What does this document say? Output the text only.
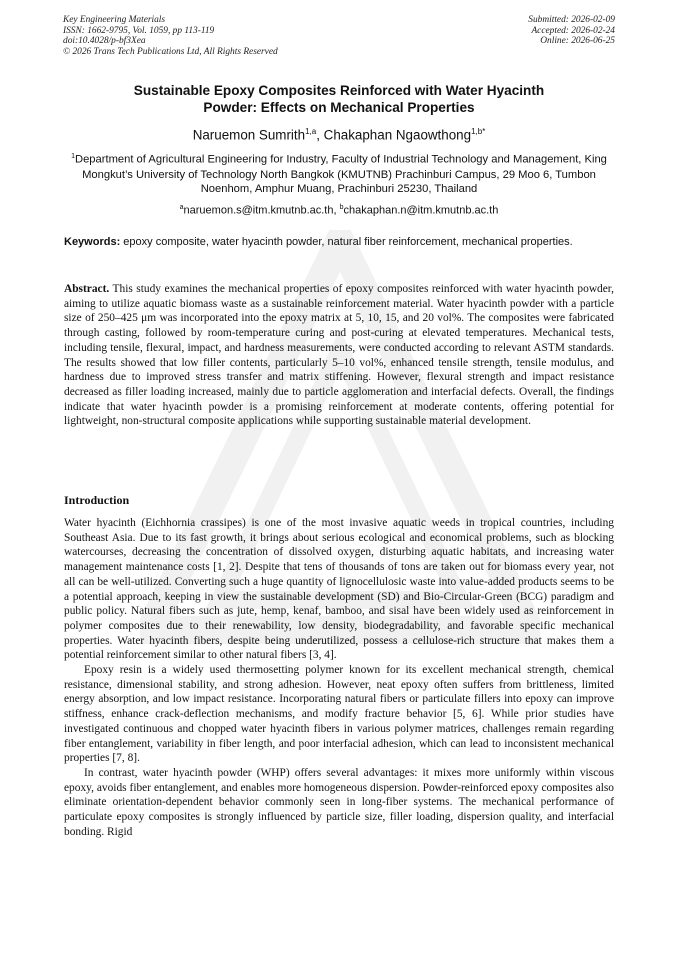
Key Engineering Materials
ISSN: 1662-9795, Vol. 1059, pp 113-119
doi:10.4028/p-bf3Xea
© 2026 Trans Tech Publications Ltd, All Rights Reserved
Submitted: 2026-02-09
Accepted: 2026-02-24
Online: 2026-06-25
Sustainable Epoxy Composites Reinforced with Water Hyacinth
Powder: Effects on Mechanical Properties
Naruemon Sumrith$^{1,a}$, Chakaphan Ngaowthong$^{1,b*}$
$^1$Department of Agricultural Engineering for Industry, Faculty of Industrial Technology and Management, King Mongkut’s University of Technology North Bangkok (KMUTNB) Prachinburi Campus, 29 Moo 6, Tumbon Noenhom, Amphur Muang, Prachinburi 25230, Thailand
$^a$naruemon.s@itm.kmutnb.ac.th, $^b$chakaphan.n@itm.kmutnb.ac.th
Keywords: epoxy composite, water hyacinth powder, natural fiber reinforcement, mechanical properties.
Abstract. This study examines the mechanical properties of epoxy composites reinforced with water hyacinth powder, aiming to utilize aquatic biomass waste as a sustainable reinforcement material. Water hyacinth powder with a particle size of 250–425 μm was incorporated into the epoxy matrix at 5, 10, 15, and 20 vol%. The composites were fabricated through casting, followed by room-temperature curing and post-curing at elevated temperatures. Mechanical tests, including tensile, flexural, impact, and hardness measurements, were conducted according to relevant ASTM standards. The results showed that low filler contents, particularly 5–10 vol%, enhanced tensile strength, tensile modulus, and hardness due to improved stress transfer and matrix stiffening. However, flexural strength and impact resistance decreased as filler loading increased, mainly due to particle agglomeration and interfacial defects. Overall, the findings indicate that water hyacinth powder is a promising reinforcement at moderate contents, offering potential for lightweight, non-structural composite applications while supporting sustainable material development.
Introduction

Water hyacinth (Eichhornia crassipes) is one of the most invasive aquatic weeds in tropical countries, including Southeast Asia. Due to its fast growth, it brings about serious ecological and economical problems, such as blocking watercourses, decreasing the concentration of dissolved oxygen, disturbing aquatic habitats, and increasing water management maintenance costs [1, 2]. Despite that tens of thousands of tons are taken out for biomass every year, not all can be well-utilized. Converting such a huge quantity of lignocellulosic waste into value-added products seems to be a potential approach, keeping in view the sustainable development (SD) and Bio-Circular-Green (BCG) paradigm and public policy. Natural fibers such as jute, hemp, kenaf, bamboo, and sisal have been widely used as reinforcement in polymer composites due to their renewability, low density, biodegradability, and favorable specific mechanical properties. Water hyacinth fibers, despite being underutilized, possess a cellulose-rich structure that makes them a potential reinforcement similar to other natural fibers [3, 4].

Epoxy resin is a widely used thermosetting polymer known for its excellent mechanical strength, chemical resistance, dimensional stability, and strong adhesion. However, neat epoxy often suffers from brittleness, limited energy absorption, and low impact resistance. Incorporating natural fibers or particulate fillers into epoxy can improve stiffness, enhance crack-deflection mechanisms, and modify fracture behavior [5, 6]. While prior studies have investigated continuous and chopped water hyacinth fibers in various polymer matrices, challenges remain regarding fiber entanglement, variability in fiber length, and poor interfacial adhesion, which can lead to inconsistent mechanical properties [7, 8].

In contrast, water hyacinth powder (WHP) offers several advantages: it mixes more uniformly within viscous epoxy, avoids fiber entanglement, and enables more homogeneous dispersion. Powder-reinforced epoxy composites also eliminate orientation-dependent behavior commonly seen in long-fiber systems. The mechanical performance of particulate epoxy composites is strongly influenced by particle size, filler loading, dispersion quality, and interfacial bonding. Rigid
